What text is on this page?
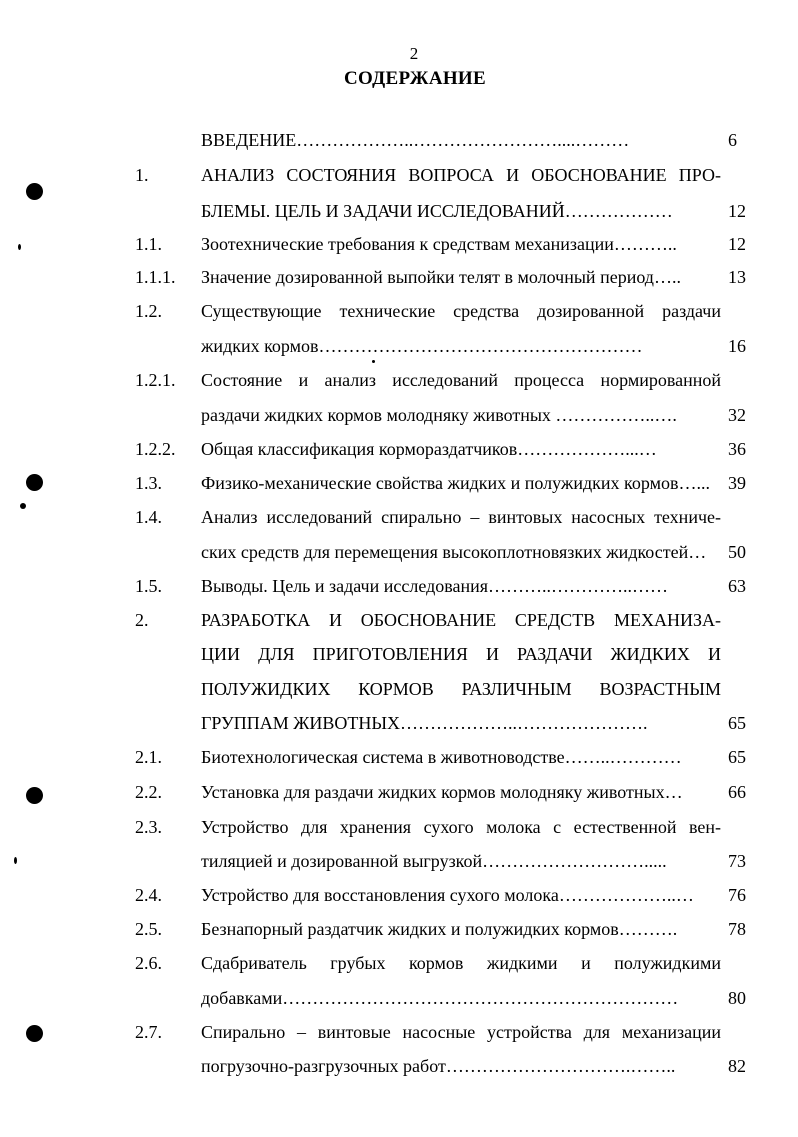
2
СОДЕРЖАНИЕ
ВВЕДЕНИЕ………………..……………………....………	6
1.	АНАЛИЗ СОСТОЯНИЯ ВОПРОСА И ОБОСНОВАНИЕ ПРО-
БЛЕМЫ. ЦЕЛЬ И ЗАДАЧИ ИССЛЕДОВАНИЙ………………	12
1.1. Зоотехнические требования к средствам механизации………..	12
1.1.1. Значение дозированной выпойки телят в молочный период…..	13
1.2. Существующие технические средства дозированной раздачи
жидких кормов………………………………………………	16
1.2.1. Состояние и анализ исследований процесса нормированной
раздачи жидких кормов молодняку животных ……………..….	32
1.2.2. Общая классификация кормораздатчиков………………...…	36
1.3. Физико-механические свойства жидких и полужидких кормов…...	39
1.4. Анализ исследований спирально – винтовых насосных техниче-
ских средств для перемещения высокоплотновязких жидкостей…	50
1.5. Выводы. Цель и задачи исследования………..…………..……	63
2.	РАЗРАБОТКА И ОБОСНОВАНИЕ СРЕДСТВ МЕХАНИЗА-
ЦИИ ДЛЯ ПРИГОТОВЛЕНИЯ И РАЗДАЧИ ЖИДКИХ И
ПОЛУЖИДКИХ КОРМОВ РАЗЛИЧНЫМ ВОЗРАСТНЫМ
ГРУППАМ ЖИВОТНЫХ………………..………………….	65
2.1. Биотехнологическая система в животноводстве……..…………	65
2.2. Установка для раздачи жидких кормов молодняку животных…	66
2.3. Устройство для хранения сухого молока с естественной вен-
тиляцией и дозированной выгрузкой……………………….....	73
2.4. Устройство для восстановления сухого молока………………..…	76
2.5. Безнапорный раздатчик жидких и полужидких кормов……….	78
2.6. Сдабриватель грубых кормов жидкими и полужидкими
добавками…………………………………………………………	80
2.7. Спирально – винтовые насосные устройства для механизации
погрузочно-разгрузочных работ………………………….……..	82
